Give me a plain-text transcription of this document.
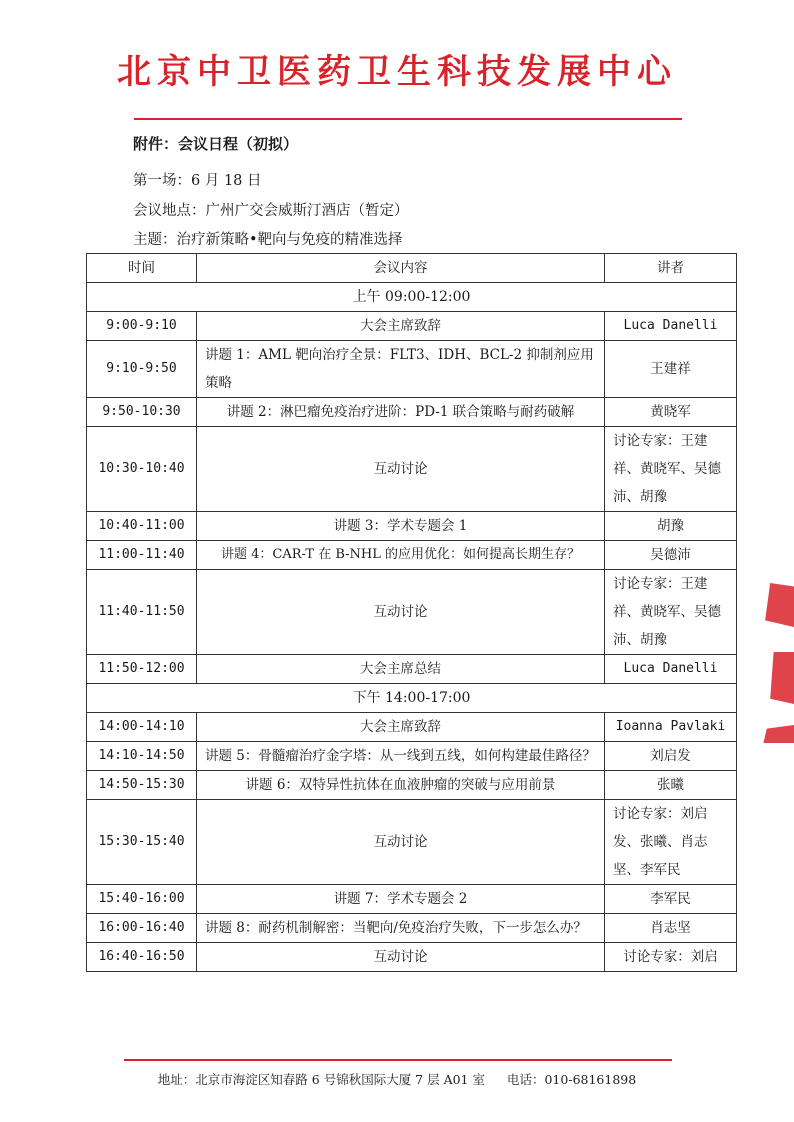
北京中卫医药卫生科技发展中心
附件：会议日程（初拟）
第一场：6 月 18 日
会议地点：广州广交会威斯汀酒店（暂定）
主题：治疗新策略•靶向与免疫的精准选择
时间	会议内容	讲者
上午 09:00-12:00		
9:00-9:10	大会主席致辞	Luca Danelli
9:10-9:50	讲题 1：AML 靶向治疗全景：FLT3、IDH、BCL-2 抑制剂应用策略	王建祥
9:50-10:30	讲题 2：淋巴瘤免疫治疗进阶：PD-1 联合策略与耐药破解	黄晓军
10:30-10:40	互动讨论	讨论专家：王建祥、黄晓军、吴德沛、胡豫
10:40-11:00	讲题 3：学术专题会 1	胡豫
11:00-11:40	讲题 4：CAR-T 在 B-NHL 的应用优化：如何提高长期生存？	吴德沛
11:40-11:50	互动讨论	讨论专家：王建祥、黄晓军、吴德沛、胡豫
11:50-12:00	大会主席总结	Luca Danelli
下午 14:00-17:00		
14:00-14:10	大会主席致辞	Ioanna Pavlaki
14:10-14:50	讲题 5：骨髓瘤治疗金字塔：从一线到五线，如何构建最佳路径？	刘启发
14:50-15:30	讲题 6：双特异性抗体在血液肿瘤的突破与应用前景	张曦
15:30-15:40	互动讨论	讨论专家：刘启发、张曦、肖志坚、李军民
15:40-16:00	讲题 7：学术专题会 2	李军民
16:00-16:40	讲题 8：耐药机制解密：当靶向/免疫治疗失败，下一步怎么办？	肖志坚
16:40-16:50	互动讨论	讨论专家：刘启
地址：北京市海淀区知春路 6 号锦秋国际大厦 7 层 A01 室 电话：010-68161898
